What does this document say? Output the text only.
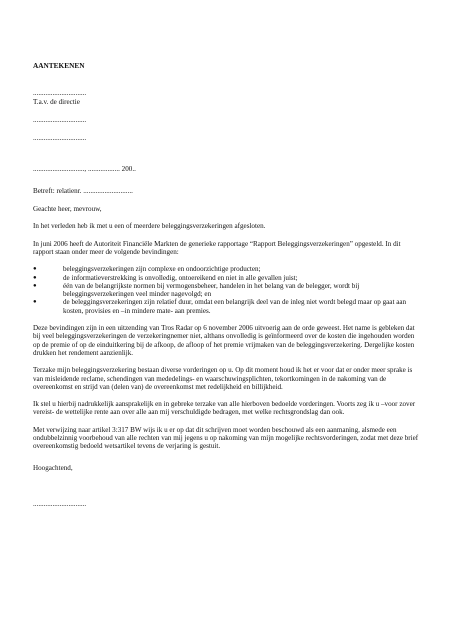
AANTEKENEN
..............................
T.a.v. de directie
..............................
..............................
............................., .................. 200..
Betreft: relatienr. ............................
Geachte heer, mevrouw,

In het verleden heb ik met u een of meerdere beleggingsverzekeringen afgesloten.

In juni 2006 heeft de Autoriteit Financiële Markten de generieke rapportage “Rapport Beleggingsverzekeringen” opgesteld. In dit rapport staan onder meer de volgende bevindingen:

●	beleggingsverzekeringen zijn complexe en ondoorzichtige producten;
●	de informatieverstrekking is onvolledig, ontoereikend en niet in alle gevallen juist;
●	één van de belangrijkste normen bij vermogensbeheer, handelen in het belang van de belegger, wordt bij beleggingsverzekeringen veel minder nagevolgd; en
●	de beleggingsverzekeringen zijn relatief duur, omdat een belangrijk deel van de inleg niet wordt belegd maar op gaat aan kosten, provisies en –in mindere mate- aan premies.

Deze bevindingen zijn in een uitzending van Tros Radar op 6 november 2006 uitvoerig aan de orde geweest. Het name is gebleken dat bij veel beleggingsverzekeringen de verzekeringnemer niet, althans onvolledig is geïnformeerd over de kosten die ingehouden worden op de premie of op de einduitkering bij de afkoop, de afloop of het premie vrijmaken van de beleggingsverzekering. Dergelijke kosten drukken het rendement aanzienlijk.

Terzake mijn beleggingsverzekering bestaan diverse vorderingen op u. Op dit moment houd ik het er voor dat er onder meer sprake is van misleidende reclame, schendingen van mededelings- en waarschuwingsplichten, tekortkomingen in de nakoming van de overeenkomst en strijd van (delen van) de overeenkomst met redelijkheid en billijkheid.

Ik stel u hierbij nadrukkelijk aansprakelijk en in gebreke terzake van alle hierboven bedoelde vorderingen. Voorts zeg ik u –voor zover vereist- de wettelijke rente aan over alle aan mij verschuldigde bedragen, met welke rechtsgrondslag dan ook.

Met verwijzing naar artikel 3:317 BW wijs ik u er op dat dit schrijven moet worden beschouwd als een aanmaning, alsmede een ondubbelzinnig voorbehoud van alle rechten van mij jegens u op nakoming van mijn mogelijke rechtsvorderingen, zodat met deze brief overeenkomstig bedoeld wetsartikel tevens de verjaring is gestuit.

Hoogachtend,
..............................
